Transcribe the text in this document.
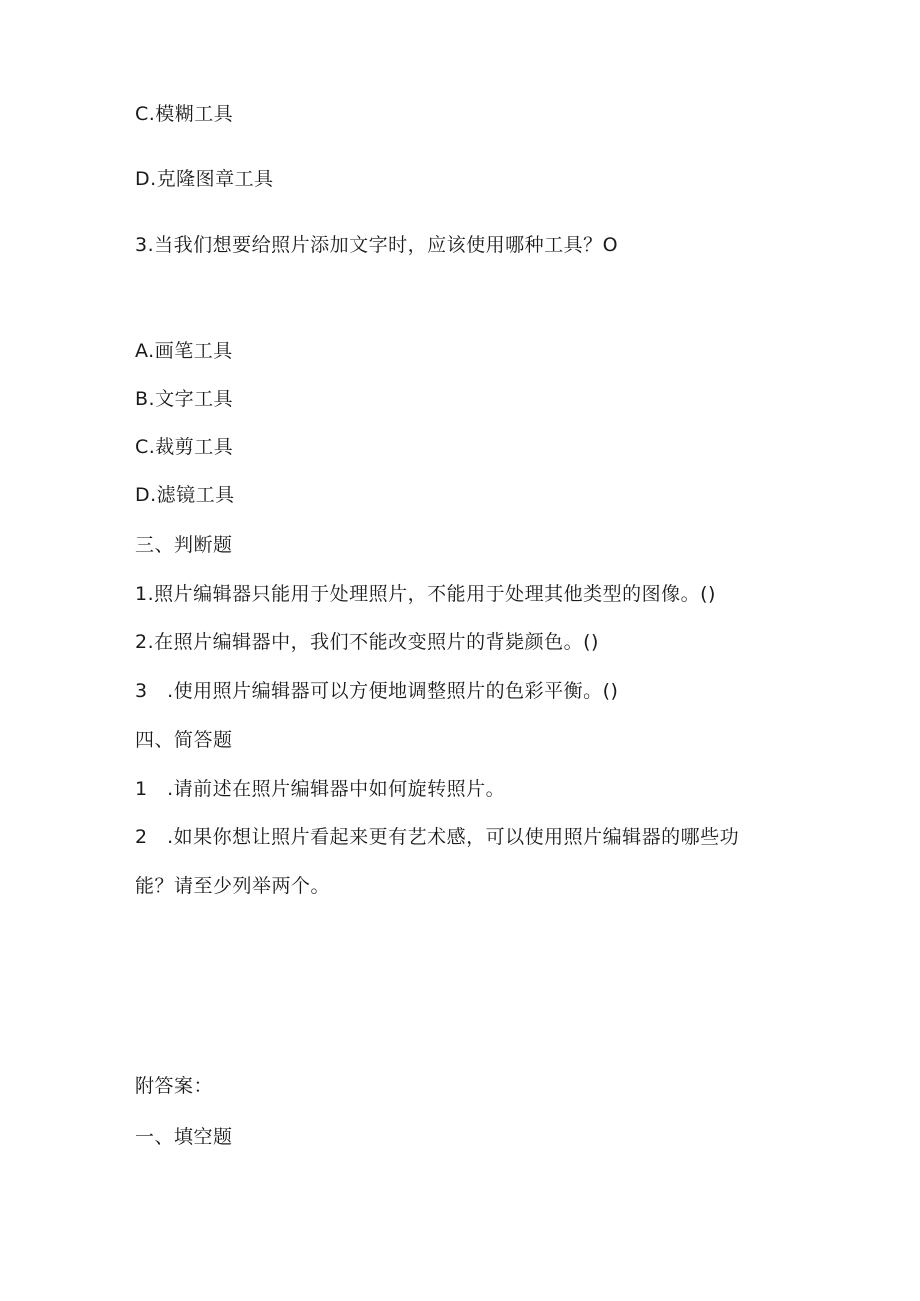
C.模糊工具
D.克隆图章工具
3.当我们想要给照片添加文字时，应该使用哪种工具？O
A.画笔工具
B.文字工具
C.裁剪工具
D.滤镜工具
三、判断题
1.照片编辑器只能用于处理照片，不能用于处理其他类型的图像。()
2.在照片编辑器中，我们不能改变照片的背毙颜色。()
3　.使用照片编辑器可以方便地调整照片的色彩平衡。()
四、简答题
1　.请前述在照片编辑器中如何旋转照片。
2　.如果你想让照片看起来更有艺术感，可以使用照片编辑器的哪些功
能？请至少列举两个。
附答案：
一、填空题
